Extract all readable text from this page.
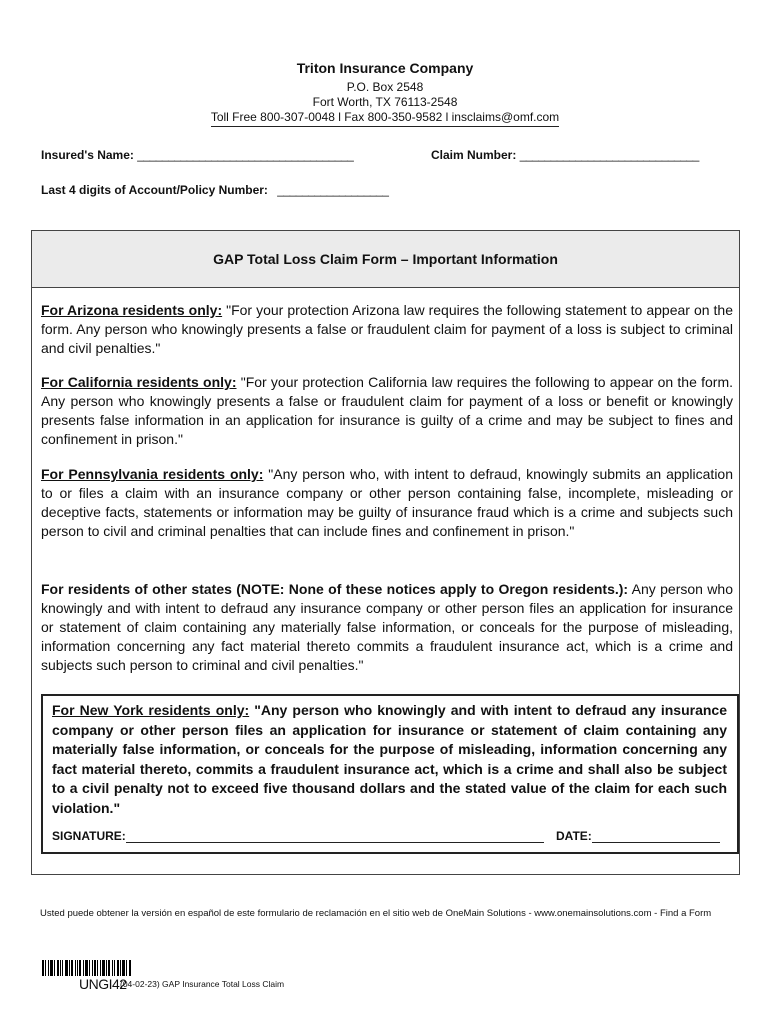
Triton Insurance Company
P.O. Box 2548
Fort Worth, TX 76113-2548
Toll Free 800-307-0048 l Fax 800-350-9582 l insclaims@omf.com
Insured's Name: ___________________________________	Claim Number: _____________________________
Last 4 digits of Account/Policy Number: __________________
GAP Total Loss Claim Form – Important Information
For Arizona residents only: "For your protection Arizona law requires the following statement to appear on the form. Any person who knowingly presents a false or fraudulent claim for payment of a loss is subject to criminal and civil penalties."
For California residents only: "For your protection California law requires the following to appear on the form. Any person who knowingly presents a false or fraudulent claim for payment of a loss or benefit or knowingly presents false information in an application for insurance is guilty of a crime and may be subject to fines and confinement in prison."
For Pennsylvania residents only: "Any person who, with intent to defraud, knowingly submits an application to or files a claim with an insurance company or other person containing false, incomplete, misleading or deceptive facts, statements or information may be guilty of insurance fraud which is a crime and subjects such person to civil and criminal penalties that can include fines and confinement in prison."
For residents of other states (NOTE: None of these notices apply to Oregon residents.): Any person who knowingly and with intent to defraud any insurance company or other person files an application for insurance or statement of claim containing any materially false information, or conceals for the purpose of misleading, information concerning any fact material thereto commits a fraudulent insurance act, which is a crime and subjects such person to criminal and civil penalties."
For New York residents only: "Any person who knowingly and with intent to defraud any insurance company or other person files an application for insurance or statement of claim containing any materially false information, or conceals for the purpose of misleading, information concerning any fact material thereto, commits a fraudulent insurance act, which is a crime and shall also be subject to a civil penalty not to exceed five thousand dollars and the stated value of the claim for each such violation."
SIGNATURE:	DATE:
Usted puede obtener la versión en español de este formulario de reclamación en el sitio web de OneMain Solutions - www.onemainsolutions.com - Find a Form
UNGI42
(04-02-23) GAP Insurance Total Loss Claim
